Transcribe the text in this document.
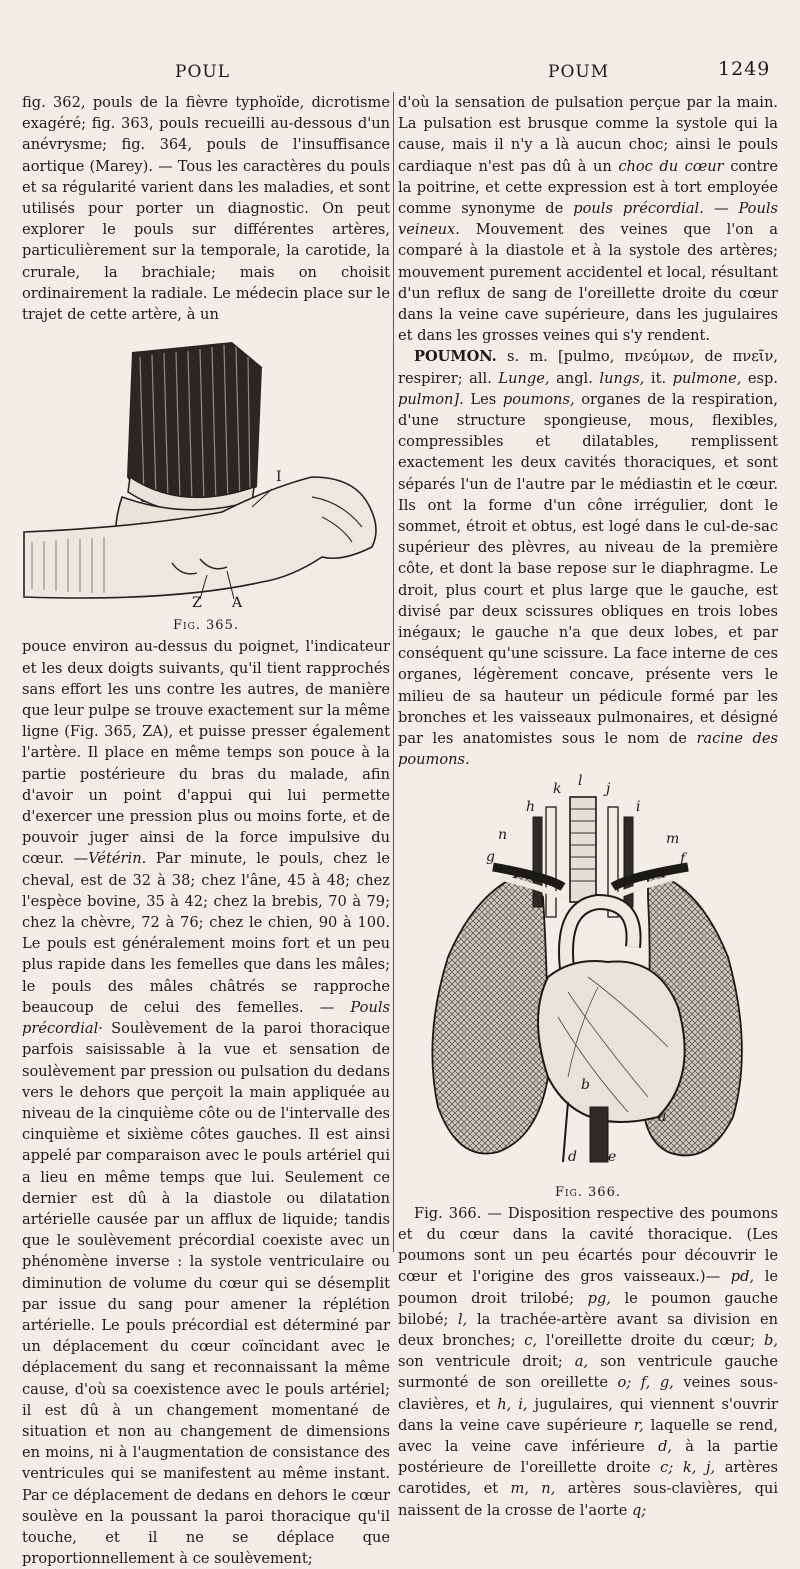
POUL	POUM	1249

fig. 362, pouls de la fièvre typhoïde, dicrotisme exagéré; fig. 363, pouls recueilli au-dessous d'un anévrysme; fig. 364, pouls de l'insuffisance aortique (Marey). — Tous les caractères du pouls et sa régularité varient dans les maladies, et sont utilisés pour porter un diagnostic. On peut explorer le pouls sur différentes artères, particulièrement sur la temporale, la carotide, la crurale, la brachiale; mais on choisit ordinairement la radiale. Le médecin place sur le trajet de cette artère, à un

I
Z A

Fig. 365.

pouce environ au-dessus du poignet, l'indicateur et les deux doigts suivants, qu'il tient rapprochés sans effort les uns contre les autres, de manière que leur pulpe se trouve exactement sur la même ligne (Fig. 365, ZA), et puisse presser également l'artère. Il place en même temps son pouce à la partie postérieure du bras du malade, afin d'avoir un point d'appui qui lui permette d'exercer une pression plus ou moins forte, et de pouvoir juger ainsi de la force impulsive du cœur. —Vétérin. Par minute, le pouls, chez le cheval, est de 32 à 38; chez l'âne, 45 à 48; chez l'espèce bovine, 35 à 42; chez la brebis, 70 à 79; chez la chèvre, 72 à 76; chez le chien, 90 à 100. Le pouls est généralement moins fort et un peu plus rapide dans les femelles que dans les mâles; le pouls des mâles châtrés se rapproche beaucoup de celui des femelles. — Pouls précordial· Soulèvement de la paroi thoracique parfois saisissable à la vue et sensation de soulèvement par pression ou pulsation du dedans vers le dehors que perçoit la main appliquée au niveau de la cinquième côte ou de l'intervalle des cinquième et sixième côtes gauches. Il est ainsi appelé par comparaison avec le pouls artériel qui a lieu en même temps que lui. Seulement ce dernier est dû à la diastole ou dilatation artérielle causée par un afflux de liquide; tandis que le soulèvement précordial coexiste avec un phénomène inverse : la systole ventriculaire ou diminution de volume du cœur qui se désemplit par issue du sang pour amener la réplétion artérielle. Le pouls précordial est déterminé par un déplacement du cœur coïncidant avec le déplacement du sang et reconnaissant la même cause, d'où sa coexistence avec le pouls artériel; il est dû à un changement momentané de situation et non au changement de dimensions en moins, ni à l'augmentation de consistance des ventricules qui se manifestent au même instant. Par ce déplacement de dedans en dehors le cœur soulève en la poussant la paroi thoracique qu'il touche, et il ne se déplace que proportionnellement à ce soulèvement;

d'où la sensation de pulsation perçue par la main. La pulsation est brusque comme la systole qui la cause, mais il n'y a là aucun choc; ainsi le pouls cardiaque n'est pas dû à un choc du cœur contre la poitrine, et cette expression est à tort employée comme synonyme de pouls précordial. — Pouls veineux. Mouvement des veines que l'on a comparé à la diastole et à la systole des artères; mouvement purement accidentel et local, résultant d'un reflux de sang de l'oreillette droite du cœur dans la veine cave supérieure, dans les jugulaires et dans les grosses veines qui s'y rendent.

POUMON. s. m. [pulmo, πνεύμων, de πνεῖν, respirer; all. Lunge, angl. lungs, it. pulmone, esp. pulmon]. Les poumons, organes de la respiration, d'une structure spongieuse, mous, flexibles, compressibles et dilatables, remplissent exactement les deux cavités thoraciques, et sont séparés l'un de l'autre par le médiastin et le cœur. Ils ont la forme d'un cône irrégulier, dont le sommet, étroit et obtus, est logé dans le cul-de-sac supérieur des plèvres, au niveau de la première côte, et dont la base repose sur le diaphragme. Le droit, plus court et plus large que le gauche, est divisé par deux scissures obliques en trois lobes inégaux; le gauche n'a que deux lobes, et par conséquent qu'une scissure. La face interne de ces organes, légèrement concave, présente vers le milieu de sa hauteur un pédicule formé par les bronches et les vaisseaux pulmonaires, et désigné par les anatomistes sous le nom de racine des poumons.

k l j
h	i
n	m
g	f
b
a
d e

Fig. 366.

Fig. 366. — Disposition respective des poumons et du cœur dans la cavité thoracique. (Les poumons sont un peu écartés pour découvrir le cœur et l'origine des gros vaisseaux.)— pd, le poumon droit trilobé; pg, le poumon gauche bilobé; l, la trachée-artère avant sa division en deux bronches; c, l'oreillette droite du cœur; b, son ventricule droit; a, son ventricule gauche surmonté de son oreillette o; f, g, veines sous-clavières, et h, i, jugulaires, qui viennent s'ouvrir dans la veine cave supérieure r, laquelle se rend, avec la veine cave inférieure d, à la partie postérieure de l'oreillette droite c; k, j, artères carotides, et m, n, artères sous-clavières, qui naissent de la crosse de l'aorte q;
